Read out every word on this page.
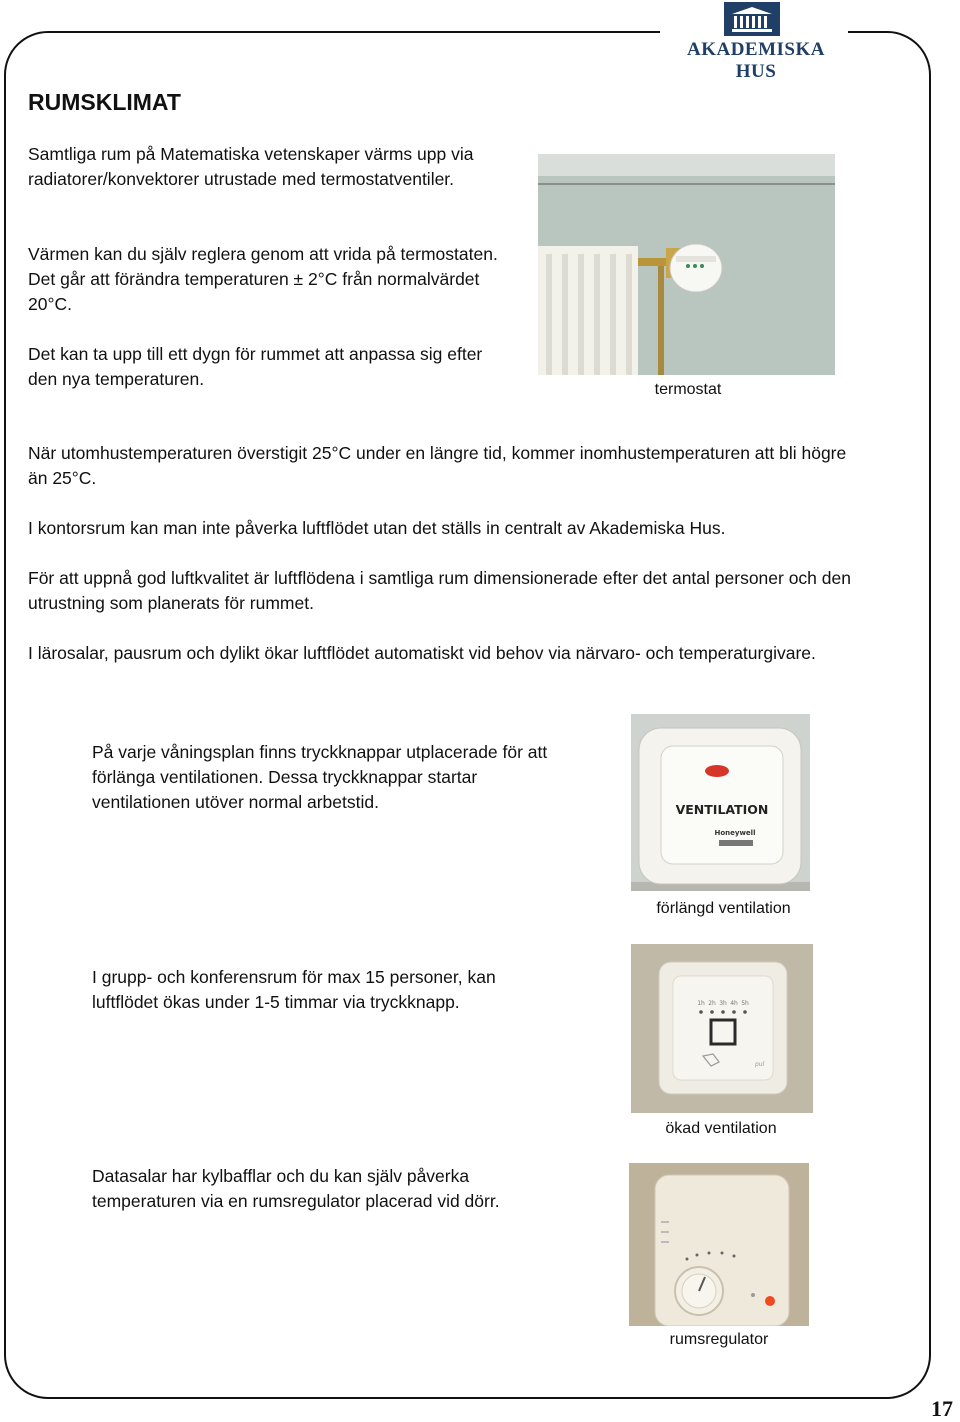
AKADEMISKA HUS
RUMSKLIMAT

Samtliga rum på Matematiska vetenskaper värms upp via radiatorer/konvektorer utrustade med termostatventiler.

Värmen kan du själv reglera genom att vrida på termostaten. Det går att förändra temperaturen ± 2°C från normalvärdet 20°C.

Det kan ta upp till ett dygn för rummet att anpassa sig efter den nya temperaturen.

termostat

När utomhustemperaturen överstigit 25°C under en längre tid, kommer inomhustemperaturen att bli högre än 25°C.

I kontorsrum kan man inte påverka luftflödet utan det ställs in centralt av Akademiska Hus.

För att uppnå god luftkvalitet är luftflödena i samtliga rum dimensionerade efter det antal personer och den utrustning som planerats för rummet.

I lärosalar, pausrum och dylikt ökar luftflödet automatiskt vid behov via närvaro- och temperaturgivare.

På varje våningsplan finns tryckknappar utplacerade för att förlänga ventilationen. Dessa tryckknappar startar ventilationen utöver normal arbetstid.	VENTILATION
Honeywell
förlängd ventilation

I grupp- och konferensrum för max 15 personer, kan luftflödet ökas under 1-5 timmar via tryckknapp.	1h 2h 3h 4h 5h
pul
ökad ventilation

Datasalar har kylbafflar och du kan själv påverka temperaturen via en rumsregulator placerad vid dörr.

rumsregulator
17
